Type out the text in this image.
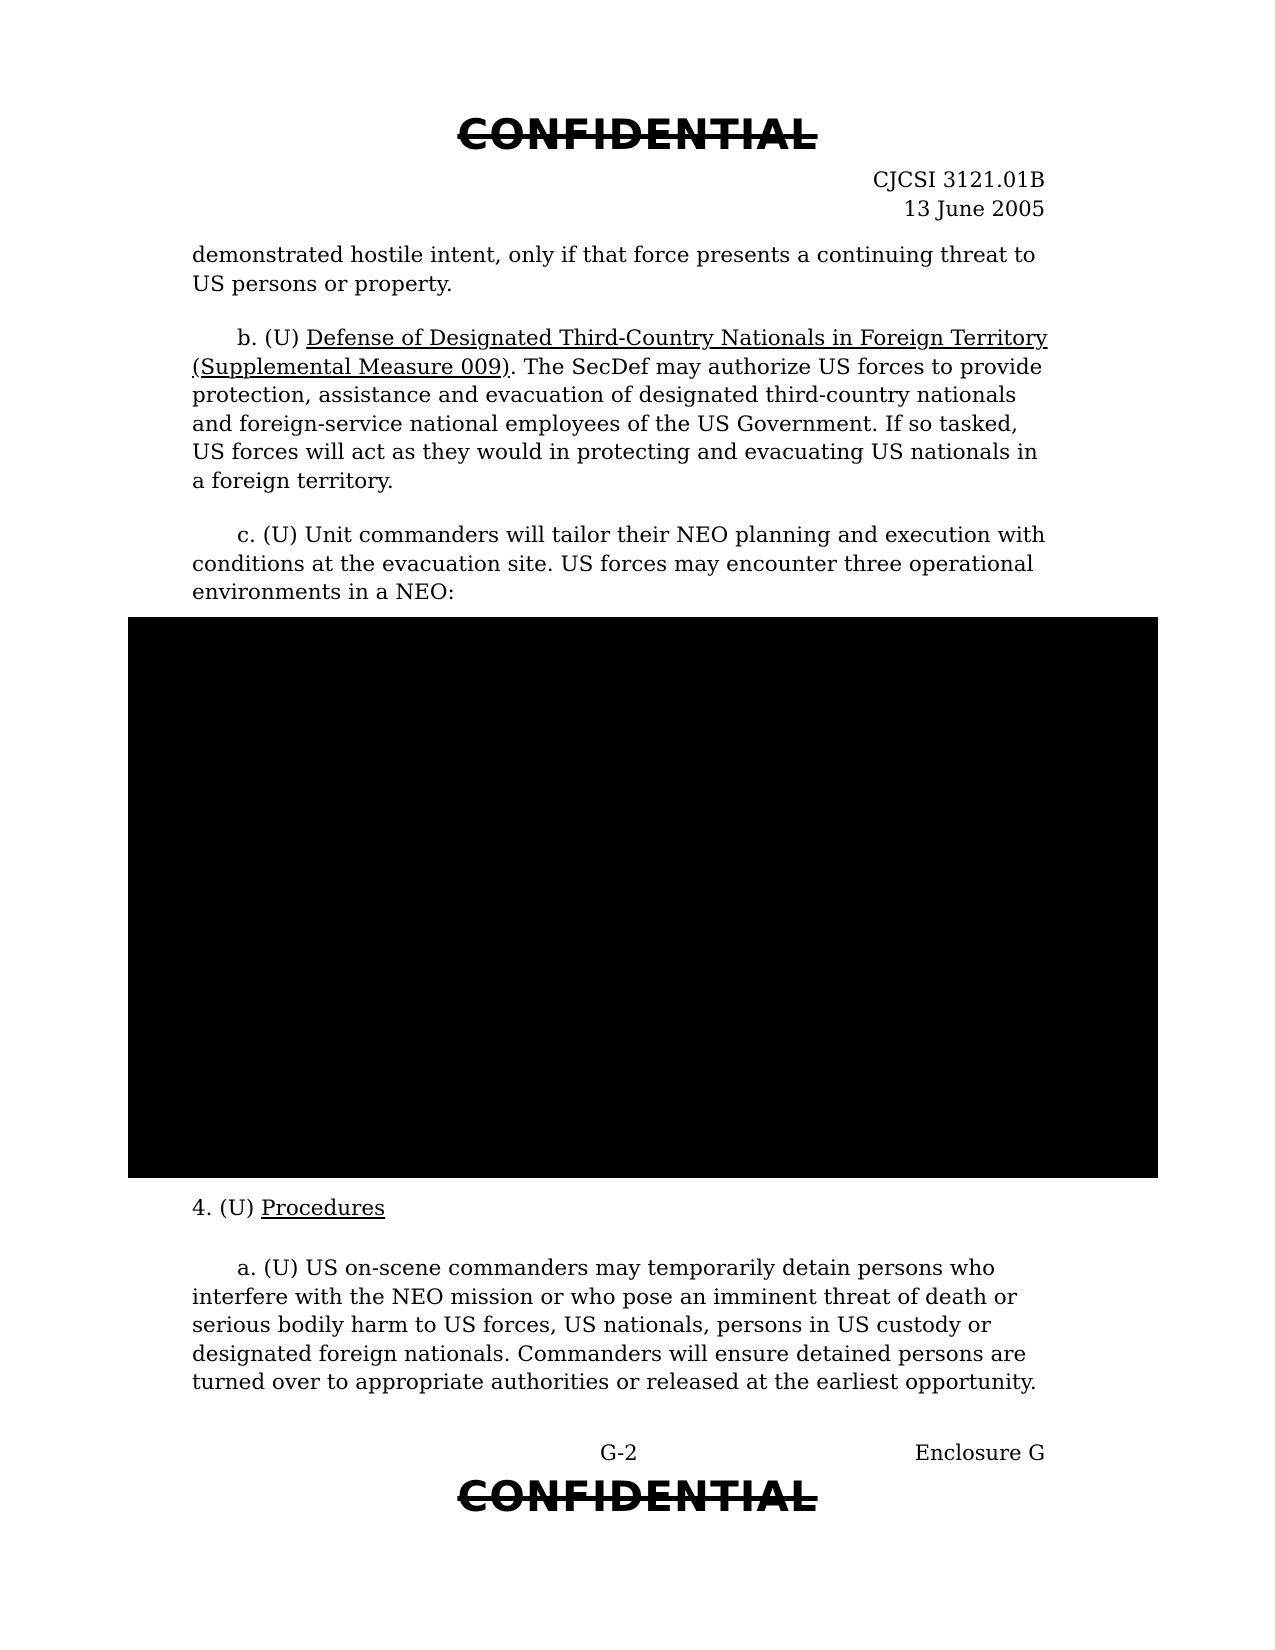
CONFIDENTIAL
CJCSI 3121.01B
13 June 2005
demonstrated hostile intent, only if that force presents a continuing threat to US persons or property.
b. (U) Defense of Designated Third-Country Nationals in Foreign Territory (Supplemental Measure 009). The SecDef may authorize US forces to provide protection, assistance and evacuation of designated third-country nationals and foreign-service national employees of the US Government. If so tasked, US forces will act as they would in protecting and evacuating US nationals in a foreign territory.
c. (U) Unit commanders will tailor their NEO planning and execution with conditions at the evacuation site. US forces may encounter three operational environments in a NEO:
4. (U) Procedures
a. (U) US on-scene commanders may temporarily detain persons who interfere with the NEO mission or who pose an imminent threat of death or serious bodily harm to US forces, US nationals, persons in US custody or designated foreign nationals. Commanders will ensure detained persons are turned over to appropriate authorities or released at the earliest opportunity.
G-2	Enclosure G
CONFIDENTIAL
